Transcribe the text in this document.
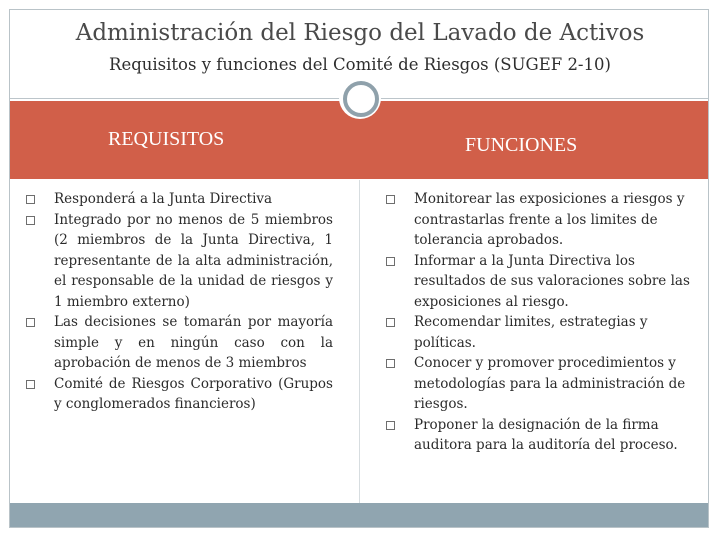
Administración del Riesgo del Lavado de Activos
Requisitos y funciones del Comité de Riesgos (SUGEF 2-10)
REQUISITOS	FUNCIONES
Responderá a la Junta Directiva
Integrado por no menos de 5 miembros (2 miembros de la Junta Directiva, 1 representante de la alta administración, el responsable de la unidad de riesgos y 1 miembro externo)
Las decisiones se tomarán por mayoría simple y en ningún caso con la aprobación de menos de 3 miembros
Comité de Riesgos Corporativo (Grupos y conglomerados financieros)
Monitorear las exposiciones a riesgos y contrastarlas frente a los limites de tolerancia aprobados.
Informar a la Junta Directiva los resultados de sus valoraciones sobre las exposiciones al riesgo.
Recomendar limites, estrategias y políticas.
Conocer y promover procedimientos y metodologías para la administración de riesgos.
Proponer la designación de la firma auditora para la auditoría del proceso.
